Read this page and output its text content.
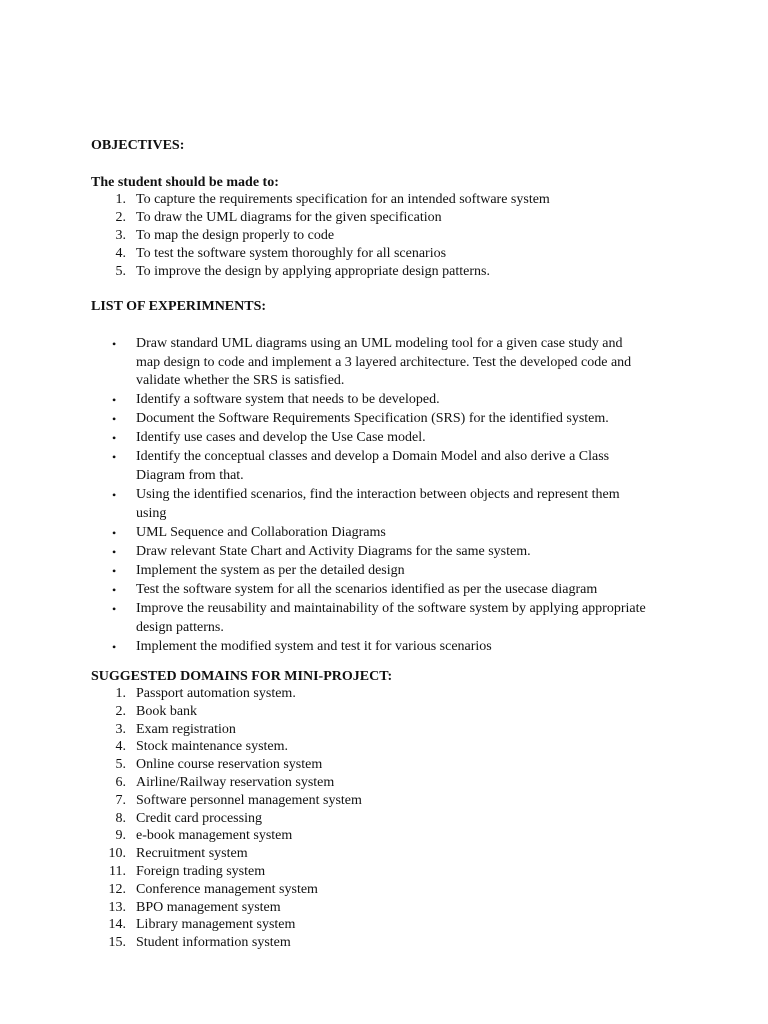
OBJECTIVES:
The student should be made to:
1. To capture the requirements specification for an intended software system
2. To draw the UML diagrams for the given specification
3. To map the design properly to code
4. To test the software system thoroughly for all scenarios
5. To improve the design by applying appropriate design patterns.
LIST OF EXPERIMNENTS:
• Draw standard UML diagrams using an UML modeling tool for a given case study and
map design to code and implement a 3 layered architecture. Test the developed code and
validate whether the SRS is satisfied.
• Identify a software system that needs to be developed.
• Document the Software Requirements Specification (SRS) for the identified system.
• Identify use cases and develop the Use Case model.
• Identify the conceptual classes and develop a Domain Model and also derive a Class
Diagram from that.
• Using the identified scenarios, find the interaction between objects and represent them
using
• UML Sequence and Collaboration Diagrams
• Draw relevant State Chart and Activity Diagrams for the same system.
• Implement the system as per the detailed design
• Test the software system for all the scenarios identified as per the usecase diagram
• Improve the reusability and maintainability of the software system by applying appropriate
design patterns.
• Implement the modified system and test it for various scenarios
SUGGESTED DOMAINS FOR MINI-PROJECT:
1. Passport automation system.
2. Book bank
3. Exam registration
4. Stock maintenance system.
5. Online course reservation system
6. Airline/Railway reservation system
7. Software personnel management system
8. Credit card processing
9. e-book management system
10. Recruitment system
11. Foreign trading system
12. Conference management system
13. BPO management system
14. Library management system
15. Student information system
